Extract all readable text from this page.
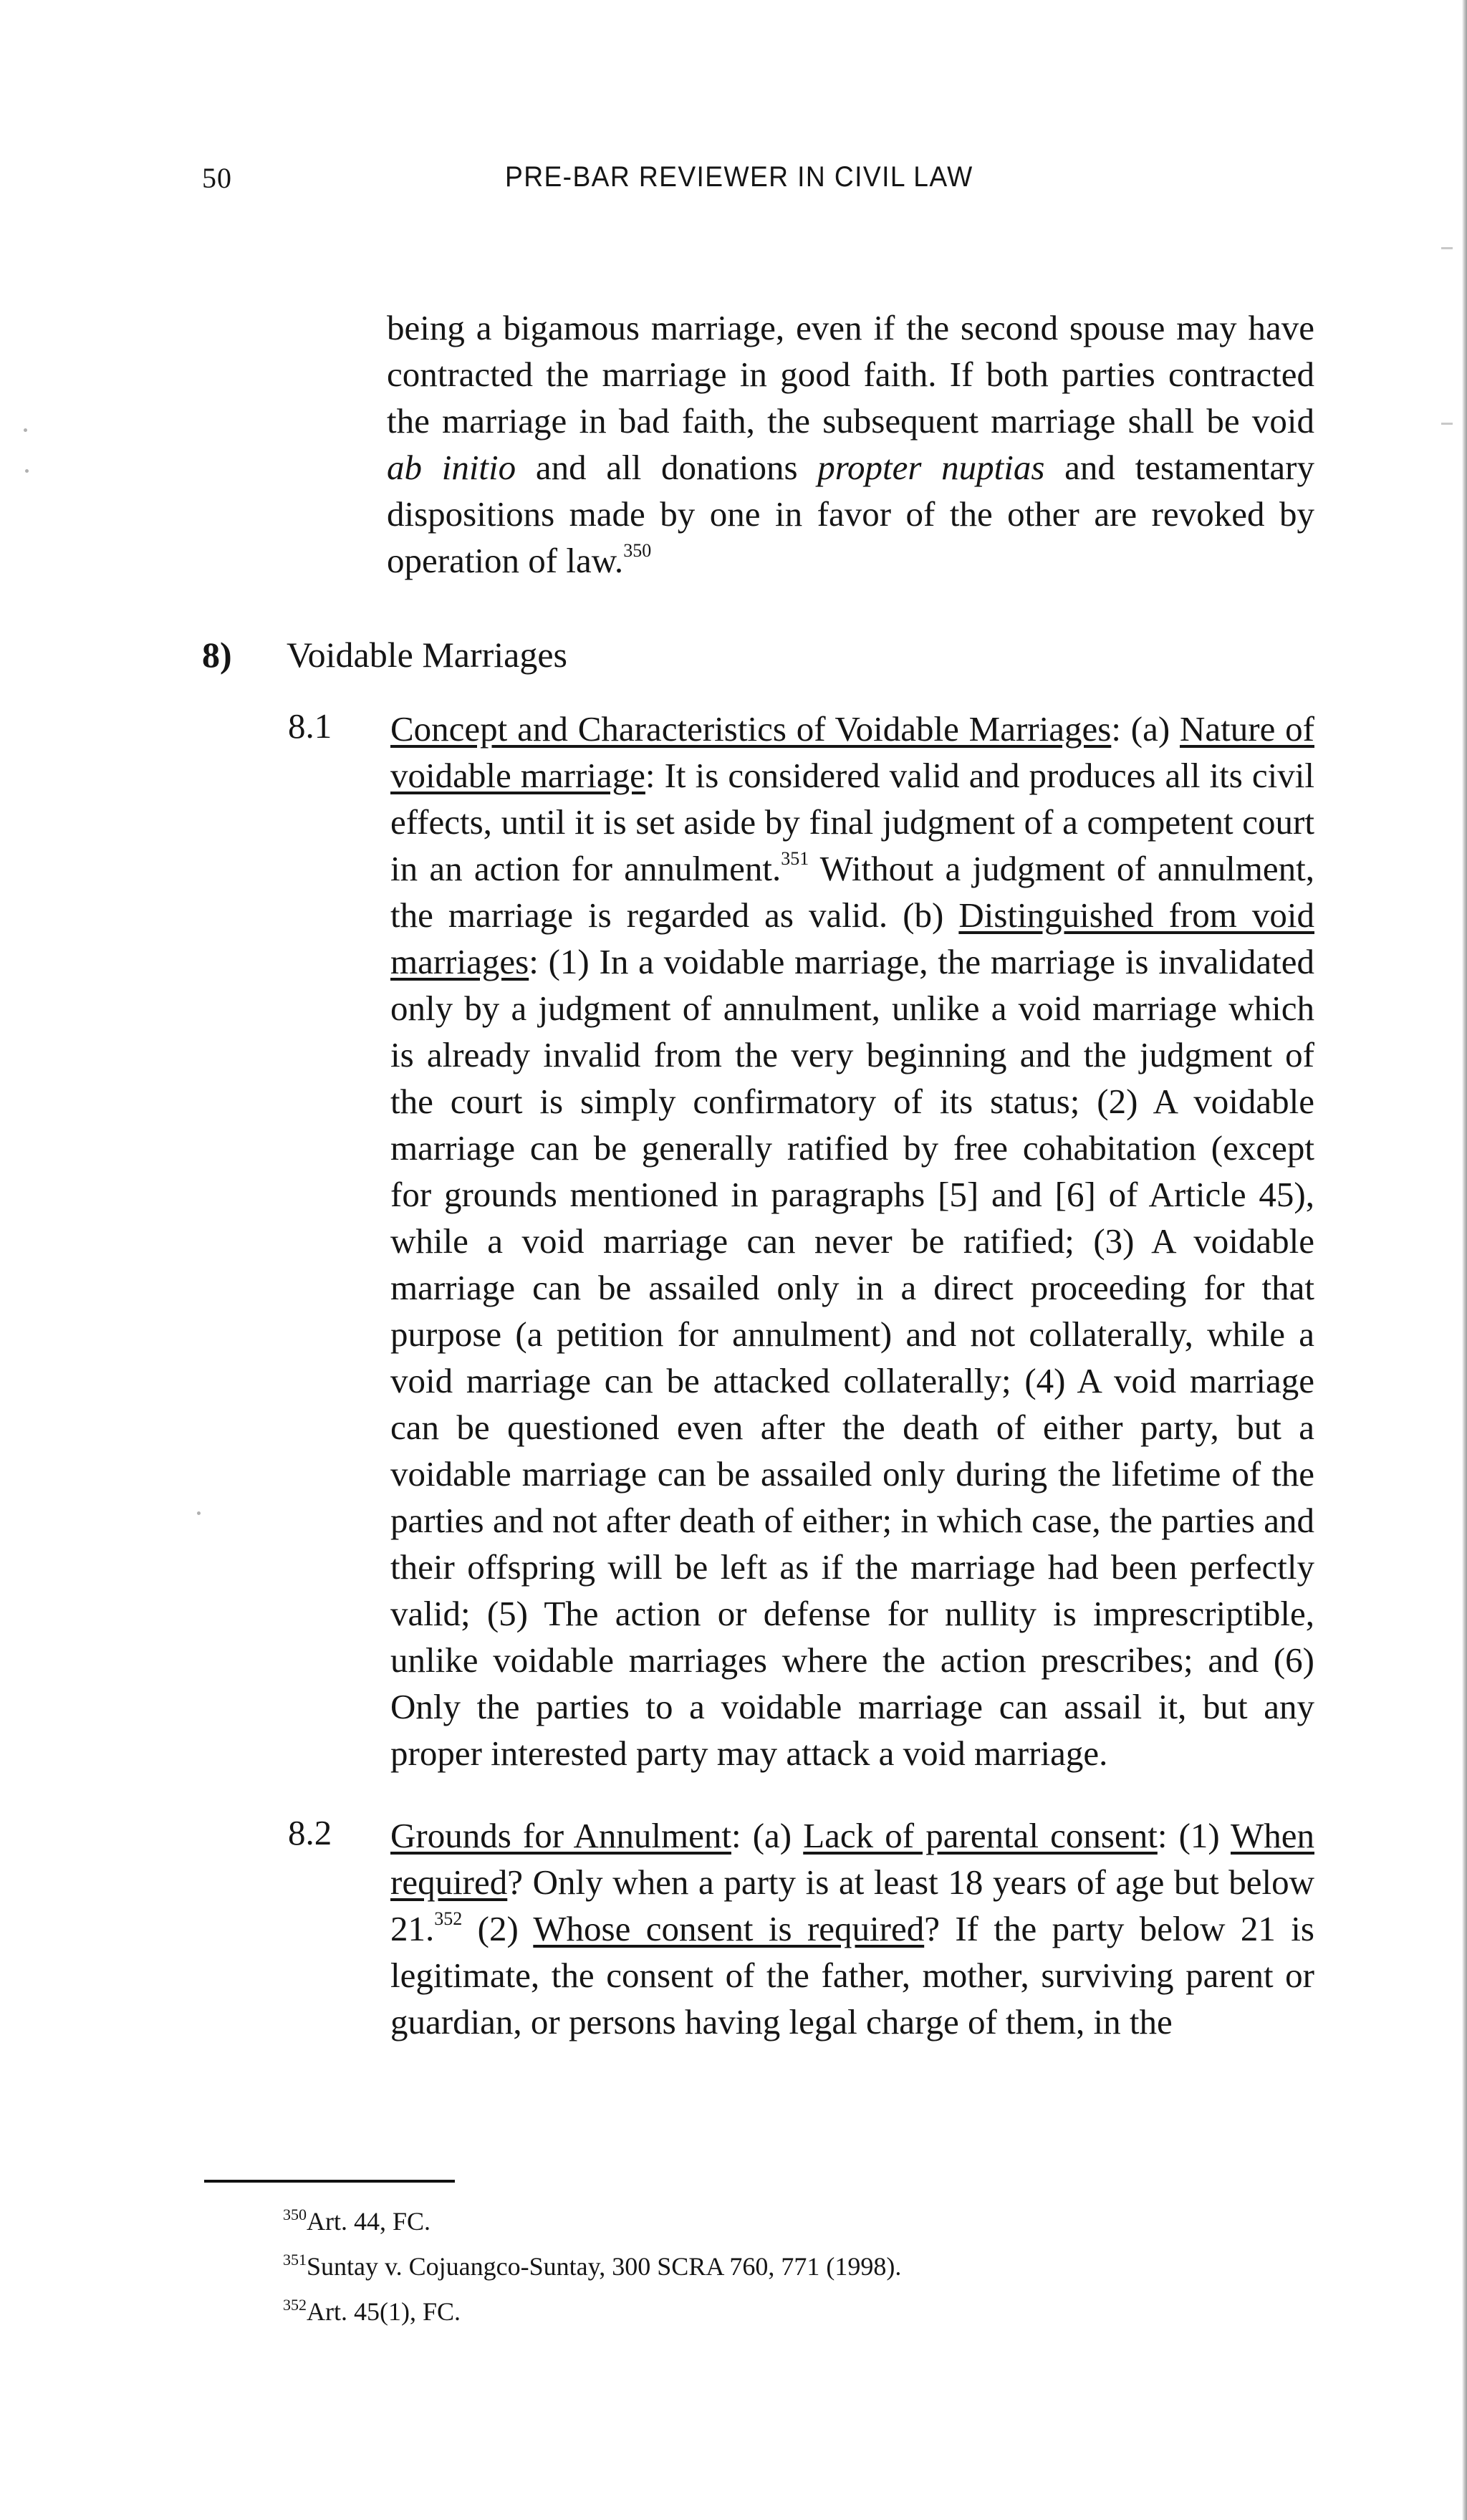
50	PRE-BAR REVIEWER IN CIVIL LAW

being a bigamous marriage, even if the second spouse may have contracted the marriage in good faith. If both parties contracted the marriage in bad faith, the subsequent marriage shall be void ab initio and all donations propter nuptias and testamentary dispositions made by one in favor of the other are revoked by operation of law.$^{350}$

8) Voidable Marriages
8.1 Concept and Characteristics of Voidable Marriages: (a) Nature of voidable marriage: It is considered valid and produces all its civil effects, until it is set aside by final judgment of a competent court in an action for annulment.$^{351}$ Without a judgment of annulment, the marriage is regarded as valid. (b) Distinguished from void marriages: (1) In a voidable marriage, the marriage is invalidated only by a judgment of annulment, unlike a void marriage which is already invalid from the very beginning and the judgment of the court is simply confirmatory of its status; (2) A voidable marriage can be generally ratified by free cohabitation (except for grounds mentioned in paragraphs [5] and [6] of Article 45), while a void marriage can never be ratified; (3) A voidable marriage can be assailed only in a direct proceeding for that purpose (a petition for annulment) and not collaterally, while a void marriage can be attacked collaterally; (4) A void marriage can be questioned even after the death of either party, but a voidable marriage can be assailed only during the lifetime of the parties and not after death of either; in which case, the parties and their offspring will be left as if the marriage had been perfectly valid; (5) The action or defense for nullity is imprescriptible, unlike voidable marriages where the action prescribes; and (6) Only the parties to a voidable marriage can assail it, but any proper interested party may attack a void marriage.

8.2 Grounds for Annulment: (a) Lack of parental consent: (1) When required? Only when a party is at least 18 years of age but below 21.$^{352}$ (2) Whose consent is required? If the party below 21 is legitimate, the consent of the father, mother, surviving parent or guardian, or persons having legal charge of them, in the

$^{350}$Art. 44, FC.
$^{351}$Suntay v. Cojuangco-Suntay, 300 SCRA 760, 771 (1998).
$^{352}$Art. 45(1), FC.
